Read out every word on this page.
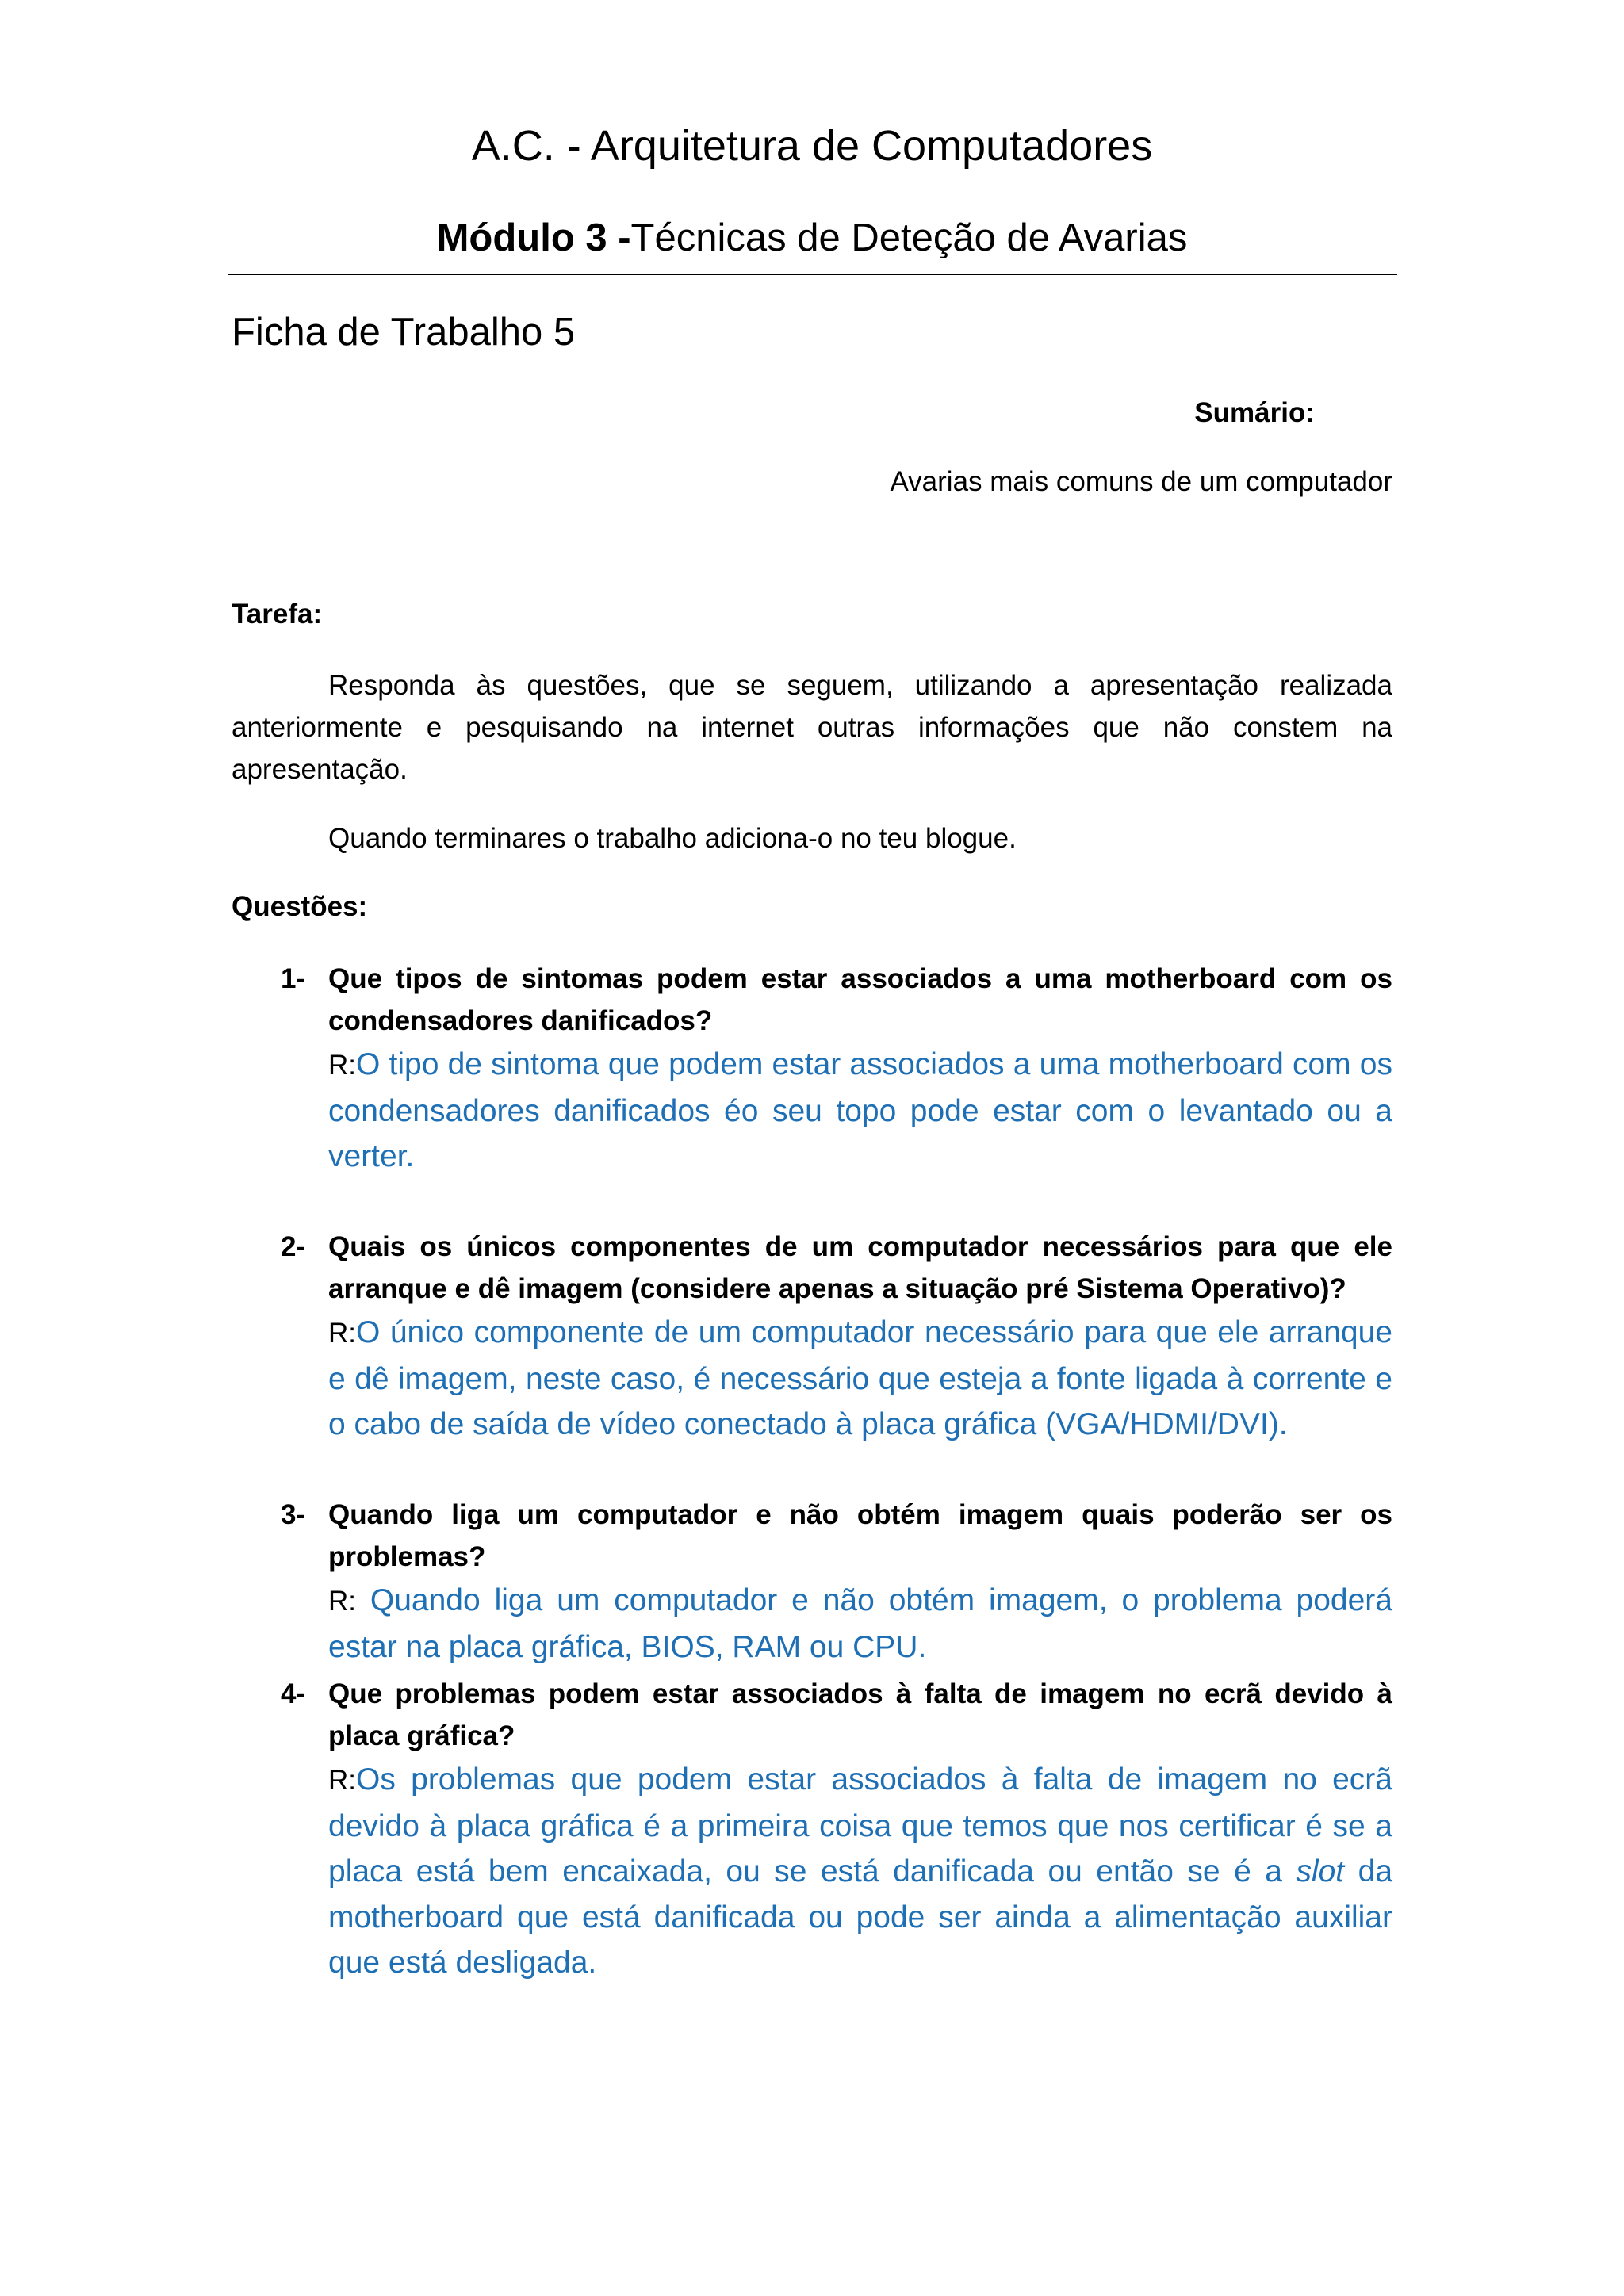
A.C. - Arquitetura de Computadores
Módulo 3 -Técnicas de Deteção de Avarias
Ficha de Trabalho 5
Sumário:
Avarias mais comuns de um computador
Tarefa:

Responda às questões, que se seguem, utilizando a apresentação realizada anteriormente e pesquisando na internet outras informações que não constem na apresentação.

Quando terminares o trabalho adiciona-o no teu blogue.

Questões:
1- Que tipos de sintomas podem estar associados a uma motherboard com os condensadores danificados?
R:O tipo de sintoma que podem estar associados a uma motherboard com os condensadores danificados éo seu topo pode estar com o levantado ou a verter.
2- Quais os únicos componentes de um computador necessários para que ele arranque e dê imagem (considere apenas a situação pré Sistema Operativo)?
R:O único componente de um computador necessário para que ele arranque e dê imagem, neste caso, é necessário que esteja a fonte ligada à corrente e o cabo de saída de vídeo conectado à placa gráfica (VGA/HDMI/DVI).
3- Quando liga um computador e não obtém imagem quais poderão ser os problemas?
R: Quando liga um computador e não obtém imagem, o problema poderá estar na placa gráfica, BIOS, RAM ou CPU.
4- Que problemas podem estar associados à falta de imagem no ecrã devido à placa gráfica?
R:Os problemas que podem estar associados à falta de imagem no ecrã devido à placa gráfica é a primeira coisa que temos que nos certificar é se a placa está bem encaixada, ou se está danificada ou então se é a slot da motherboard que está danificada ou pode ser ainda a alimentação auxiliar que está desligada.
